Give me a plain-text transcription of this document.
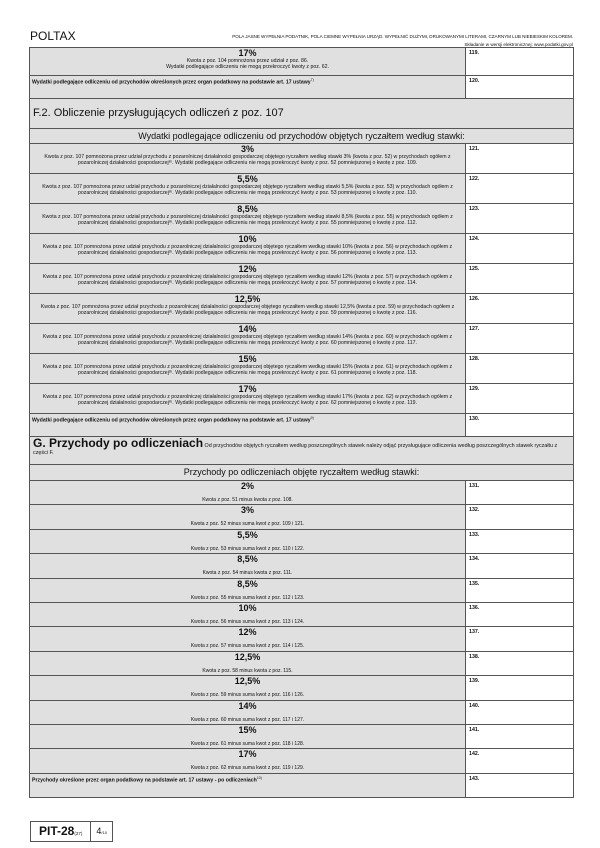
POLTAX	POLA JASNE WYPEŁNIA PODATNIK, POLA CIEMNE WYPEŁNIA URZĄD. WYPEŁNIĆ DUŻYMI, DRUKOWANYMI LITERAMI, CZARNYM LUB NIEBIESKIM KOLOREM.
Składanie w wersji elektronicznej: www.podatki.gov.pl
17%
Kwota z poz. 104 pomnożona przez udział z poz. 86.
Wydatki podlegające odliczeniu nie mogą przekroczyć kwoty z poz. 62.
119.
Wydatki podlegające odliczeniu od przychodów określonych przez organ podatkowy na podstawie art. 17 ustawy$^{7)}$	120.
F.2. Obliczenie przysługujących odliczeń z poz. 107
Wydatki podlegające odliczeniu od przychodów objętych ryczałtem według stawki:
3%
Kwota z poz. 107 pomnożona przez udział przychodu z pozarolniczej działalności gospodarczej objętego ryczałtem według stawki 3% (kwota z poz. 52) w przychodach ogółem z pozarolniczej działalności gospodarczej⁸⁾. Wydatki podlegające odliczeniu nie mogą przekroczyć kwoty z poz. 52 pomniejszonej o kwotę z poz. 109.
121.
5,5%
Kwota z poz. 107 pomnożona przez udział przychodu z pozarolniczej działalności gospodarczej objętego ryczałtem według stawki 5,5% (kwota z poz. 53) w przychodach ogółem z pozarolniczej działalności gospodarczej⁸⁾. Wydatki podlegające odliczeniu nie mogą przekroczyć kwoty z poz. 53 pomniejszonej o kwotę z poz. 110.
122.
8,5%
Kwota z poz. 107 pomnożona przez udział przychodu z pozarolniczej działalności gospodarczej objętego ryczałtem według stawki 8,5% (kwota z poz. 55) w przychodach ogółem z pozarolniczej działalności gospodarczej⁸⁾. Wydatki podlegające odliczeniu nie mogą przekroczyć kwoty z poz. 55 pomniejszonej o kwotę z poz. 112.
123.
10%
Kwota z poz. 107 pomnożona przez udział przychodu z pozarolniczej działalności gospodarczej objętego ryczałtem według stawki 10% (kwota z poz. 56) w przychodach ogółem z pozarolniczej działalności gospodarczej⁸⁾. Wydatki podlegające odliczeniu nie mogą przekroczyć kwoty z poz. 56 pomniejszonej o kwotę z poz. 113.
124.
12%
Kwota z poz. 107 pomnożona przez udział przychodu z pozarolniczej działalności gospodarczej objętego ryczałtem według stawki 12% (kwota z poz. 57) w przychodach ogółem z pozarolniczej działalności gospodarczej⁸⁾. Wydatki podlegające odliczeniu nie mogą przekroczyć kwoty z poz. 57 pomniejszonej o kwotę z poz. 114.
125.
12,5%
Kwota z poz. 107 pomnożona przez udział przychodu z pozarolniczej działalności gospodarczej objętego ryczałtem według stawki 12,5% (kwota z poz. 59) w przychodach ogółem z pozarolniczej działalności gospodarczej⁸⁾. Wydatki podlegające odliczeniu nie mogą przekroczyć kwoty z poz. 59 pomniejszonej o kwotę z poz. 116.
126.
14%
Kwota z poz. 107 pomnożona przez udział przychodu z pozarolniczej działalności gospodarczej objętego ryczałtem według stawki 14% (kwota z poz. 60) w przychodach ogółem z pozarolniczej działalności gospodarczej⁸⁾. Wydatki podlegające odliczeniu nie mogą przekroczyć kwoty z poz. 60 pomniejszonej o kwotę z poz. 117.
127.
15%
Kwota z poz. 107 pomnożona przez udział przychodu z pozarolniczej działalności gospodarczej objętego ryczałtem według stawki 15% (kwota z poz. 61) w przychodach ogółem z pozarolniczej działalności gospodarczej⁸⁾. Wydatki podlegające odliczeniu nie mogą przekroczyć kwoty z poz. 61 pomniejszonej o kwotę z poz. 118.
128.
17%
Kwota z poz. 107 pomnożona przez udział przychodu z pozarolniczej działalności gospodarczej objętego ryczałtem według stawki 17% (kwota z poz. 62) w przychodach ogółem z pozarolniczej działalności gospodarczej⁸⁾. Wydatki podlegające odliczeniu nie mogą przekroczyć kwoty z poz. 62 pomniejszonej o kwotę z poz. 119.
129.
Wydatki podlegające odliczeniu od przychodów określonych przez organ podatkowy na podstawie art. 17 ustawy$^{9)}$	130.
G. Przychody po odliczeniach Od przychodów objętych ryczałtem według poszczególnych stawek należy odjąć przysługujące odliczenia według poszczególnych stawek ryczałtu z części F.
Przychody po odliczeniach objęte ryczałtem według stawki:
2%
Kwota z poz. 51 minus kwota z poz. 108.
131.
3%
Kwota z poz. 52 minus suma kwot z poz. 109 i 121.
132.
5,5%
Kwota z poz. 53 minus suma kwot z poz. 110 i 122.
133.
8,5%
Kwota z poz. 54 minus kwota z poz. 111.
134.
8,5%
Kwota z poz. 55 minus suma kwot z poz. 112 i 123.
135.
10%
Kwota z poz. 56 minus suma kwot z poz. 113 i 124.
136.
12%
Kwota z poz. 57 minus suma kwot z poz. 114 i 125.
137.
12,5%
Kwota z poz. 58 minus kwota z poz. 115.
138.
12,5%
Kwota z poz. 59 minus suma kwot z poz. 116 i 126.
139.
14%
Kwota z poz. 60 minus suma kwot z poz. 117 i 127.
140.
15%
Kwota z poz. 61 minus suma kwot z poz. 118 i 128.
141.
17%
Kwota z poz. 62 minus suma kwot z poz. 119 i 129.
142.
Przychody określone przez organ podatkowy na podstawie art. 17 ustawy - po odliczeniach$^{10)}$	143.
PIT-28(27)	4/10
